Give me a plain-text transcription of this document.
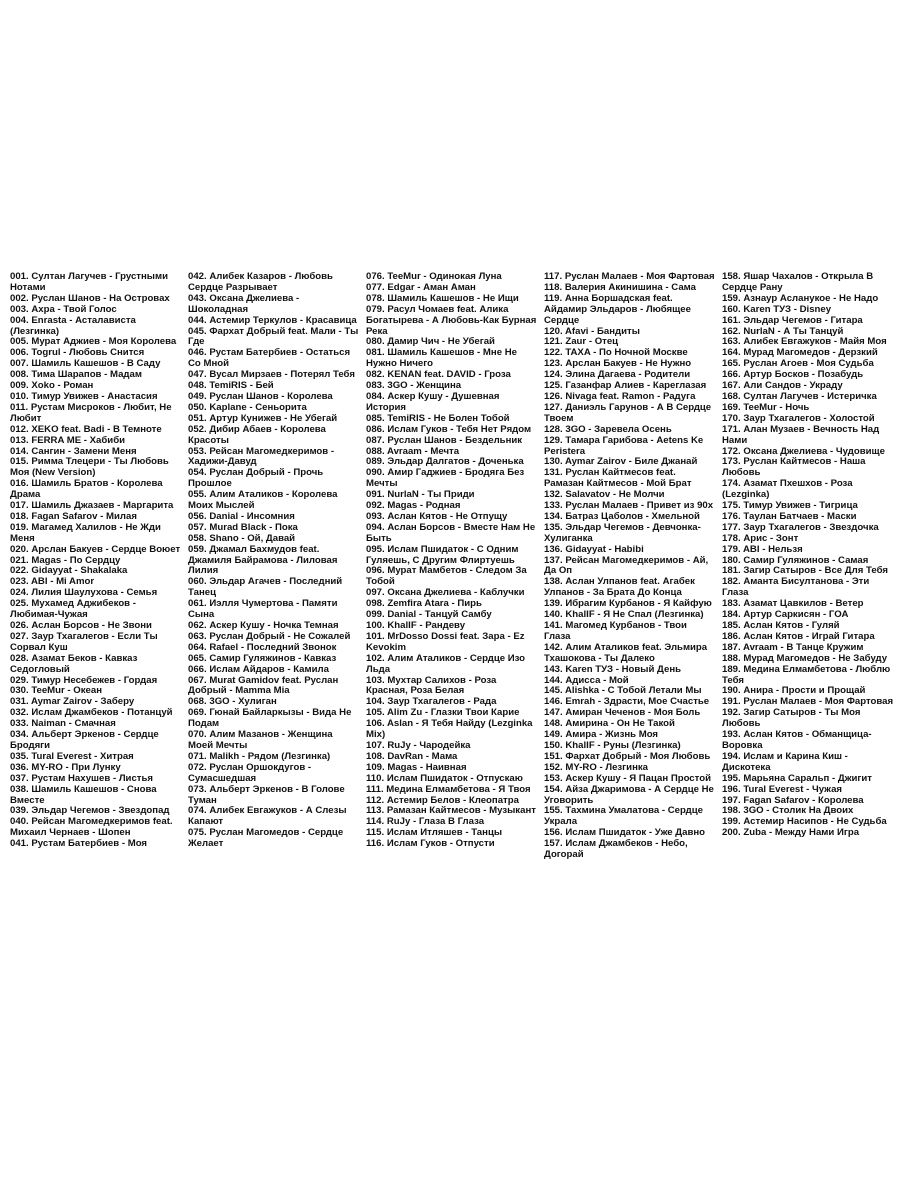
001. Султан Лагучев - Грустными Нотами
002. Руслан Шанов - На Островах
003. Ахра - Твой Голос
004. Enrasta - Асталависта (Лезгинка)
005. Мурат Аджиев - Моя Королева
006. Togrul - Любовь Снится
007. Шамиль Кашешов - В Саду
008. Тима Шарапов - Мадам
009. Xoko - Роман
010. Тимур Увижев - Анастасия
011. Рустам Мисроков - Любит, Не Любит
012. XEKO feat. Badi - В Темноте
013. FERRA ME - Хабиби
014. Сангин - Замени Меня
015. Римма Тлецери - Ты Любовь Моя (New Version)
016. Шамиль Братов - Королева Драма
017. Шамиль Джазаев - Маргарита
018. Fagan Safarov - Милая
019. Магамед Халилов - Не Жди Меня
020. Арслан Бакуев - Сердце Воюет
021. Magas - По Сердцу
022. Gidayyat - Shakalaka
023. ABI - Mi Amor
024. Лилия Шаулухова - Семья
025. Мухамед Аджибеков - Любимая-Чужая
026. Аслан Борсов - Не Звони
027. Заур Тхагалегов - Если Ты Сорвал Куш
028. Азамат Беков - Кавказ Седогловый
029. Тимур Несебежев - Гордая
030. TeeMur - Океан
031. Aymar Zairov - Заберу
032. Ислам Джамбеков - Потанцуй
033. Naiman - Смачная
034. Альберт Эркенов - Сердце Бродяги
035. Tural Everest - Хитрая
036. MY-RO - При Лунку
037. Рустам Нахушев - Листья
038. Шамиль Кашешов - Снова Вместе
039. Эльдар Чегемов - Звездопад
040. Рейсан Магомедкеримов feat. Михаил Чернаев - Шопен
041. Рустам Батербиев - Моя
042. Алибек Казаров - Любовь Сердце Разрывает
043. Оксана Джелиева - Шоколадная
044. Астемир Теркулов - Красавица
045. Фархат Добрый feat. Мали - Ты Где
046. Рустам Батербиев - Остаться Со Мной
047. Вусал Мирзаев - Потерял Тебя
048. TemiRIS - Бей
049. Руслан Шанов - Королева
050. Kaplane - Сеньорита
051. Артур Кунижев - Не Убегай
052. Дибир Абаев - Королева Красоты
053. Рейсан Магомедкеримов - Хадижи-Давуд
054. Руслан Добрый - Прочь Прошлое
055. Алим Аталиков - Королева Моих Мыслей
056. Danial - Инсомния
057. Murad Black - Пока
058. Shano - Ой, Давай
059. Джамал Бахмудов feat. Джамиля Байрамова - Лиловая Лилия
060. Эльдар Агачев - Последний Танец
061. Иэлля Чумертова - Памяти Сына
062. Аскер Кушу - Ночка Темная
063. Руслан Добрый - Не Сожалей
064. Rafael - Последний Звонок
065. Самир Гуляжинов - Кавказ
066. Ислам Айдаров - Камила
067. Murat Gamidov feat. Руслан Добрый - Mamma Mia
068. 3GO - Хулиган
069. Гюнай Байларкызы - Вида Не Подам
070. Алим Мазанов - Женщина Моей Мечты
071. Malikh - Рядом (Лезгинка)
072. Руслан Оршокдугов - Сумасшедшая
073. Альберт Эркенов - В Голове Туман
074. Алибек Евгажуков - А Слезы Капают
075. Руслан Магомедов - Сердце Желает
076. TeeMur - Одинокая Луна
077. Edgar - Аман Аман
078. Шамиль Кашешов - Не Ищи
079. Расул Чомаев feat. Алика Богатырева - А Любовь-Как Бурная Река
080. Дамир Чич - Не Убегай
081. Шамиль Кашешов - Мне Не Нужно Ничего
082. KENAN feat. DAVID - Гроза
083. 3GO - Женщина
084. Аскер Кушу - Душевная История
085. TemiRIS - Не Болен Тобой
086. Ислам Гуков - Тебя Нет Рядом
087. Руслан Шанов - Бездельник
088. Avraam - Мечта
089. Эльдар Далгатов - Доченька
090. Амир Гаджиев - Бродяга Без Мечты
091. NurlaN - Ты Приди
092. Magas - Родная
093. Аслан Кятов - Не Отпущу
094. Аслан Борсов - Вместе Нам Не Быть
095. Ислам Пшидаток - С Одним Гуляешь, С Другим Флиртуешь
096. Мурат Мамбетов - Следом За Тобой
097. Оксана Джелиева - Каблучки
098. Zemfira Atara - Пирь
099. Danial - Танцуй Самбу
100. KhalIF - Рандеву
101. MrDosso Dossi feat. Зара - Ez Kevokim
102. Алим Аталиков - Сердце Изо Льда
103. Мухтар Салихов - Роза Красная, Роза Белая
104. Заур Тхагалегов - Рада
105. Alim Zu - Глазки Твои Карие
106. Aslan - Я Тебя Найду (Lezginka Mix)
107. RuJy - Чародейка
108. DavRan - Мама
109. Magas - Наивная
110. Ислам Пшидаток - Отпускаю
111. Медина Елмамбетова - Я Твоя
112. Астемир Белов - Клеопатра
113. Рамазан Кайтмесов - Музыкант
114. RuJy - Глаза В Глаза
115. Ислам Итляшев - Танцы
116. Ислам Гуков - Отпусти
117. Руслан Малаев - Моя Фартовая
118. Валерия Акинишина - Сама
119. Анна Боршадская feat. Айдамир Эльдаров - Любящее Сердце
120. Afavi - Бандиты
121. Zaur - Отец
122. TAXA - По Ночной Москве
123. Арслан Бакуев - Не Нужно
124. Элина Дагаева - Родители
125. Газанфар Алиев - Кареглазая
126. Nivaga feat. Ramon - Радуга
127. Даниэль Гарунов - А В Сердце Твоем
128. 3GO - Заревела Осень
129. Тамара Гарибова - Aetens Ke Peristera
130. Aymar Zairov - Биле Джанай
131. Руслан Кайтмесов feat. Рамазан Кайтмесов - Мой Брат
132. Salavatov - Не Молчи
133. Руслан Малаев - Привет из 90х
134. Батраз Цаболов - Хмельной
135. Эльдар Чегемов - Девчонка-Хулиганка
136. Gidayyat - Habibi
137. Рейсан Магомедкеримов - Ай, Да Оп
138. Аслан Улпанов feat. Агабек Улпанов - За Брата До Конца
139. Ибрагим Курбанов - Я Кайфую
140. KhalIF - Я Не Спал (Лезгинка)
141. Магомед Курбанов - Твои Глаза
142. Алим Аталиков feat. Эльмира Тхашокова - Ты Далеко
143. Karen ТУЗ - Новый День
144. Адисса - Мой
145. Alishka - С Тобой Летали Мы
146. Emrah - Здрасти, Мое Счастье
147. Амиран Чеченов - Моя Боль
148. Амирина - Он Не Такой
149. Амира - Жизнь Моя
150. KhalIF - Руны (Лезгинка)
151. Фархат Добрый - Моя Любовь
152. MY-RO - Лезгинка
153. Аскер Кушу - Я Пацан Простой
154. Айза Джаримова - А Сердце Не Уговорить
155. Тахмина Умалатова - Сердце Украла
156. Ислам Пшидаток - Уже Давно
157. Ислам Джамбеков - Небо, Догорай
158. Яшар Чахалов - Открыла В Сердце Рану
159. Азнаур Асланукое - Не Надо
160. Karen ТУЗ - Disney
161. Эльдар Чегемов - Гитара
162. NurlaN - А Ты Танцуй
163. Алибек Евгажуков - Майя Моя
164. Мурад Магомедов - Дерзкий
165. Руслан Агоев - Моя Судьба
166. Артур Босков - Позабудь
167. Али Сандов - Украду
168. Султан Лагучев - Истеричка
169. TeeMur - Ночь
170. Заур Тхагалегов - Холостой
171. Алан Музаев - Вечность Над Нами
172. Оксана Джелиева - Чудовище
173. Руслан Кайтмесов - Наша Любовь
174. Азамат Пхешхов - Роза (Lezginka)
175. Тимур Увижев - Тигрица
176. Таулан Батчаев - Маски
177. Заур Тхагалегов - Звездочка
178. Арис - Зонт
179. ABI - Нельзя
180. Самир Гуляжинов - Самая
181. Загир Сатыров - Все Для Тебя
182. Аманта Бисултанова - Эти Глаза
183. Азамат Цавкилов - Ветер
184. Артур Саркисян - ГОА
185. Аслан Кятов - Гуляй
186. Аслан Кятов - Играй Гитара
187. Avraam - В Танце Кружим
188. Мурад Магомедов - Не Забуду
189. Медина Елмамбетова - Люблю Тебя
190. Анира - Прости и Прощай
191. Руслан Малаев - Моя Фартовая
192. Загир Сатыров - Ты Моя Любовь
193. Аслан Кятов - Обманщица-Воровка
194. Ислам и Карина Киш - Дискотека
195. Марьяна Саральп - Джигит
196. Tural Everest - Чужая
197. Fagan Safarov - Королева
198. 3GO - Столик На Двоих
199. Астемир Насипов - Не Судьба
200. Zuba - Между Нами Игра
